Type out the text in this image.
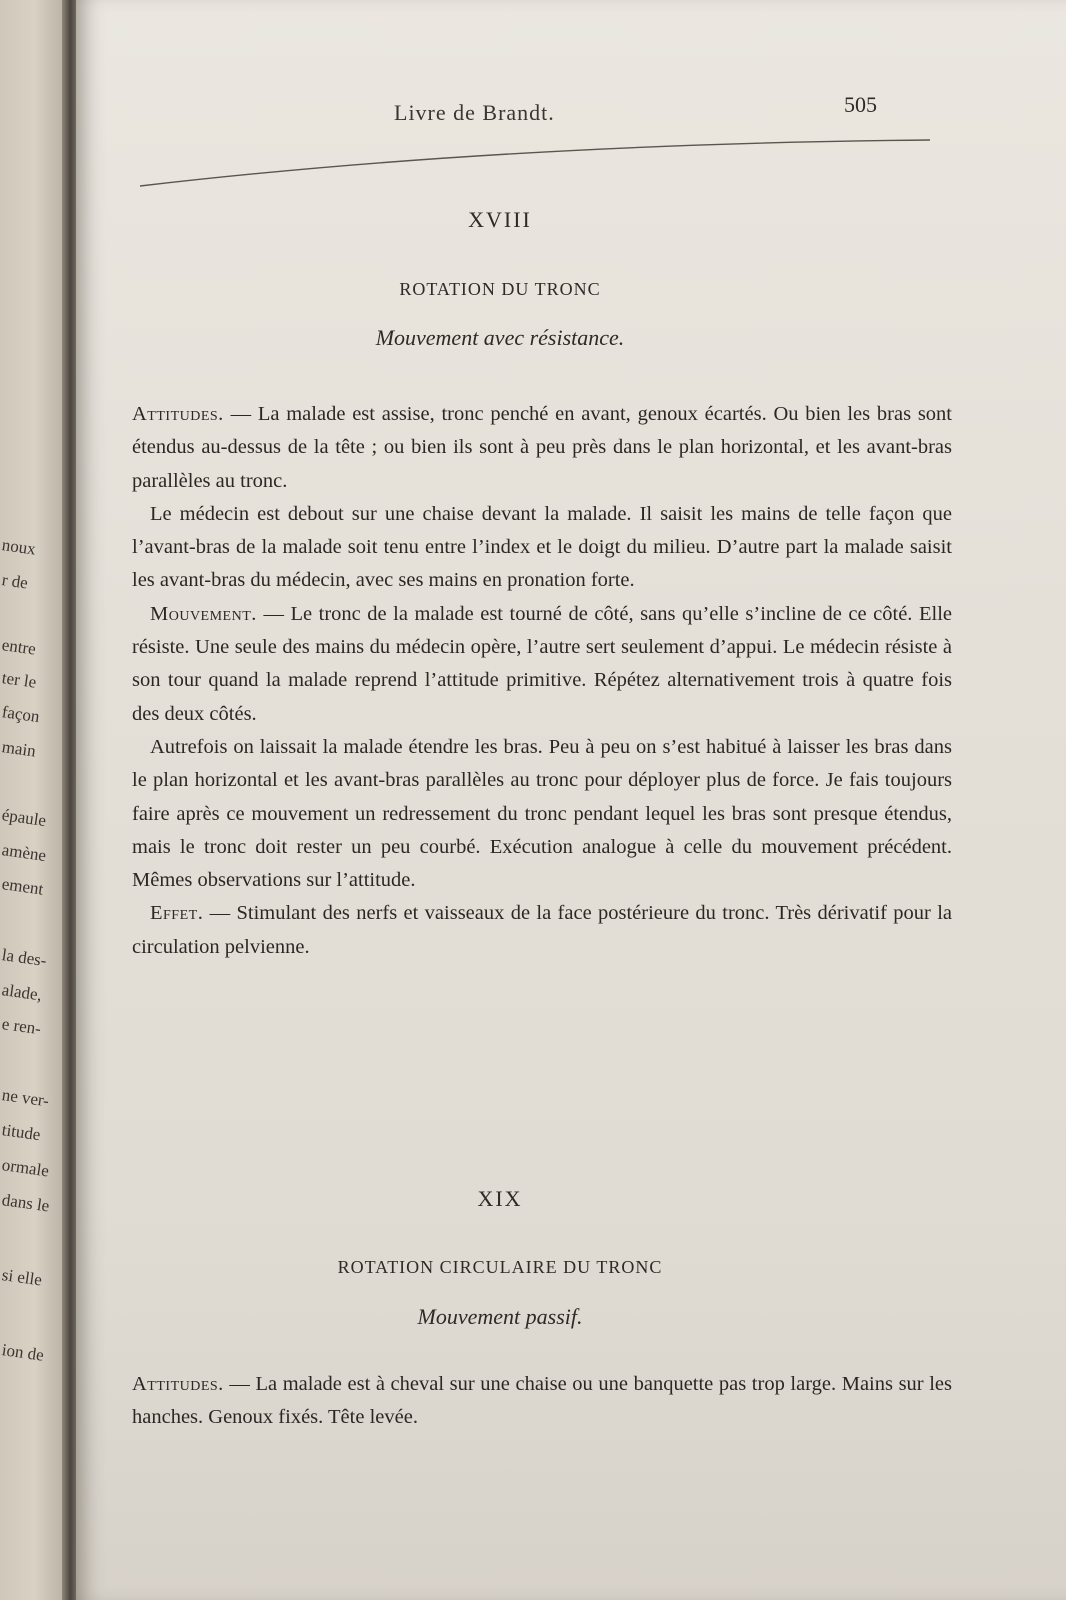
noux
r de
entre
ter le
façon
main
épaule
amène
ement
la des-
alade,
e ren-
ne ver-
titude
ormale
dans le
si elle
ion de
Livre de Brandt.	505
XVIII
ROTATION DU TRONC
Mouvement avec résistance.

Attitudes. — La malade est assise, tronc penché en avant, genoux écartés. Ou bien les bras sont étendus au-dessus de la tête ; ou bien ils sont à peu près dans le plan horizontal, et les avant-bras parallèles au tronc.

Le médecin est debout sur une chaise devant la malade. Il saisit les mains de telle façon que l’avant-bras de la malade soit tenu entre l’index et le doigt du milieu. D’autre part la malade saisit les avant-bras du médecin, avec ses mains en pronation forte.

Mouvement. — Le tronc de la malade est tourné de côté, sans qu’elle s’incline de ce côté. Elle résiste. Une seule des mains du médecin opère, l’autre sert seulement d’appui. Le médecin résiste à son tour quand la malade reprend l’attitude primitive. Répétez alternativement trois à quatre fois des deux côtés.

Autrefois on laissait la malade étendre les bras. Peu à peu on s’est habitué à laisser les bras dans le plan horizontal et les avant-bras parallèles au tronc pour déployer plus de force. Je fais toujours faire après ce mouvement un redressement du tronc pendant lequel les bras sont presque étendus, mais le tronc doit rester un peu courbé. Exécution analogue à celle du mouvement précédent. Mêmes observations sur l’attitude.

Effet. — Stimulant des nerfs et vaisseaux de la face postérieure du tronc. Très dérivatif pour la circulation pelvienne.

XIX
ROTATION CIRCULAIRE DU TRONC
Mouvement passif.

Attitudes. — La malade est à cheval sur une chaise ou une banquette pas trop large. Mains sur les hanches. Genoux fixés. Tête levée.
